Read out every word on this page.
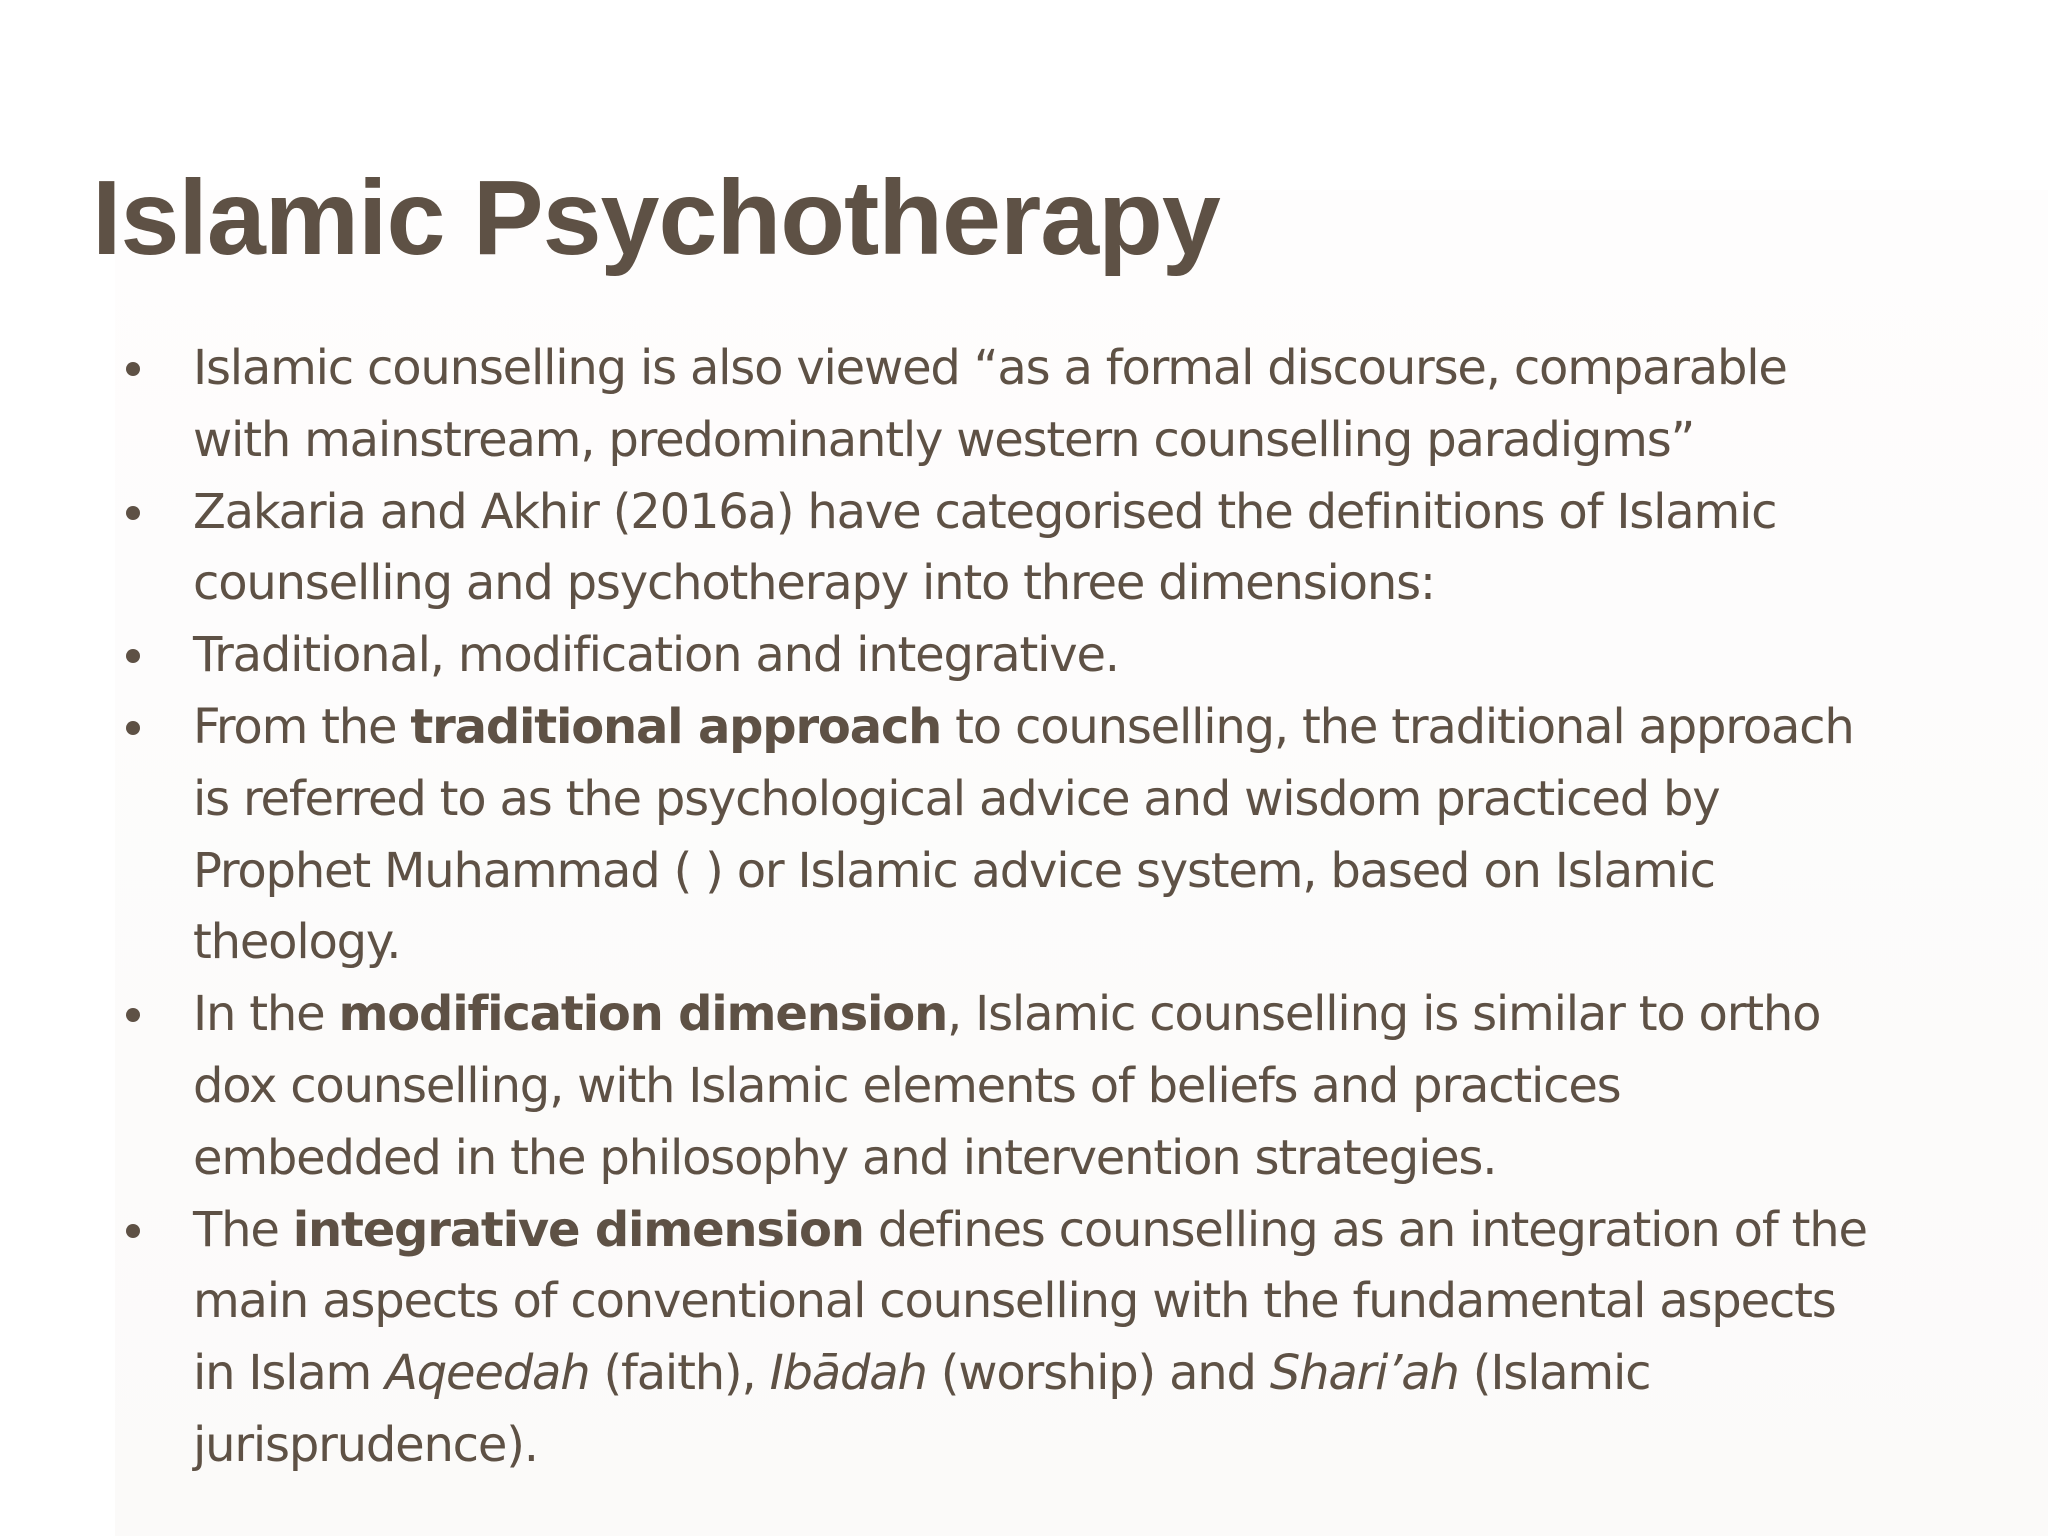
Islamic Psychotherapy
Islamic counselling is also viewed “as a formal discourse, comparable
with mainstream, predominantly western counselling paradigms”
Zakaria and Akhir (2016a) have categorised the definitions of Islamic
counselling and psychotherapy into three dimensions:
Traditional, modification and integrative.
From the traditional approach to counselling, the traditional approach
is referred to as the psychological advice and wisdom practiced by
Prophet Muhammad ( ) or Islamic advice system, based on Islamic
theology.
In the modification dimension, Islamic counselling is similar to ortho
dox counselling, with Islamic elements of beliefs and practices
embedded in the philosophy and intervention strategies.
The integrative dimension defines counselling as an integration of the
main aspects of conventional counselling with the fundamental aspects
in Islam Aqeedah (faith), Ibādah (worship) and Shari’ah (Islamic
jurisprudence).
